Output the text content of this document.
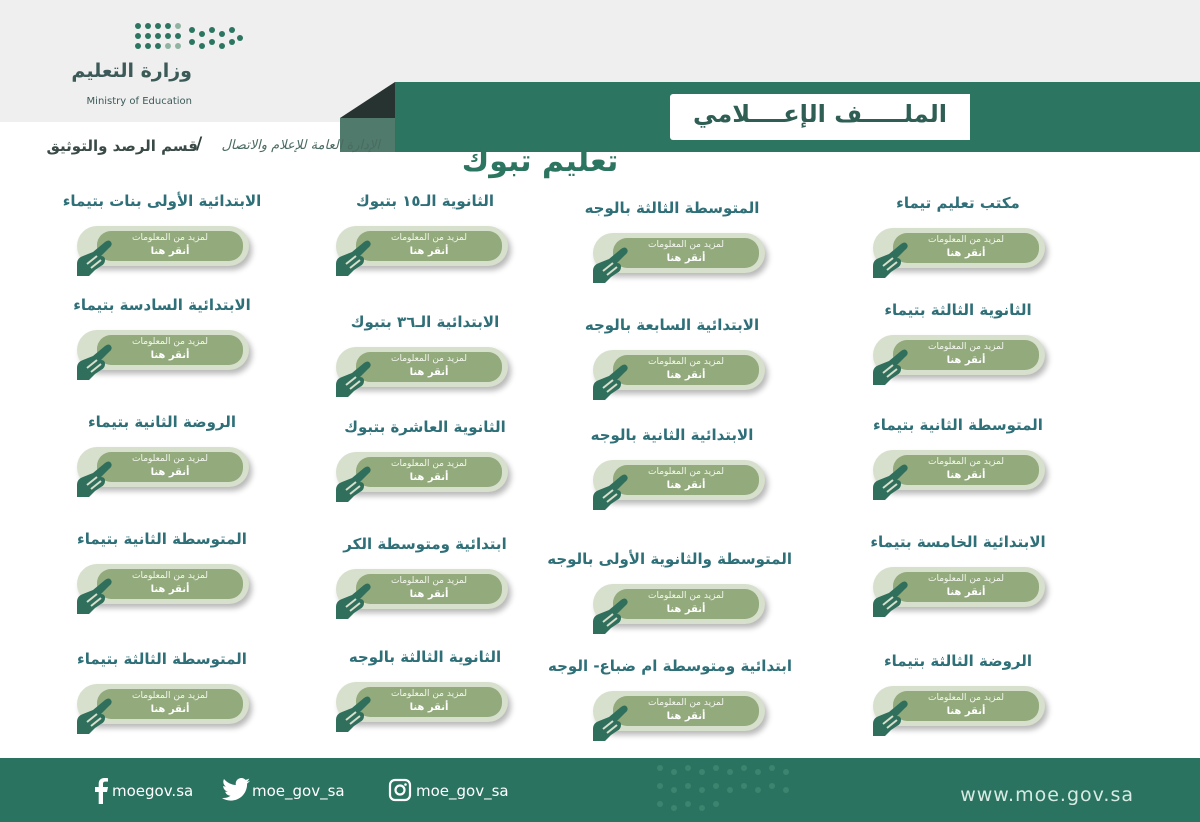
وزارة التعليم
Ministry of Education	الملـــــف الإعــــلامي
الإدارة العامة للإعلام والاتصال
/
قسم الرصد والتوثيق	تعليم تبوك
مكتب تعليم تيماء
لمزيد من المعلومات
أنقر هنا
الثانوية الثالثة بتيماء
لمزيد من المعلومات
أنقر هنا
المتوسطة الثانية بتيماء
لمزيد من المعلومات
أنقر هنا
الابتدائية الخامسة بتيماء
لمزيد من المعلومات
أنقر هنا
الروضة الثالثة بتيماء
لمزيد من المعلومات
أنقر هنا
المتوسطة الثالثة بالوجه
لمزيد من المعلومات
أنقر هنا
الابتدائية السابعة بالوجه
لمزيد من المعلومات
أنقر هنا
الابتدائية الثانية بالوجه
لمزيد من المعلومات
أنقر هنا
المتوسطة والثانوية الأولى بالوجه
لمزيد من المعلومات
أنقر هنا
ابتدائية ومتوسطة ام ضباع- الوجه
لمزيد من المعلومات
أنقر هنا
الثانوية الـ١٥ بتبوك
لمزيد من المعلومات
أنقر هنا
الابتدائية الـ٣٦ بتبوك
لمزيد من المعلومات
أنقر هنا
الثانوية العاشرة بتبوك
لمزيد من المعلومات
أنقر هنا
ابتدائية ومتوسطة الكر
لمزيد من المعلومات
أنقر هنا
الثانوية الثالثة بالوجه
لمزيد من المعلومات
أنقر هنا
الابتدائية الأولى بنات بتيماء
لمزيد من المعلومات
أنقر هنا
الابتدائية السادسة بتيماء
لمزيد من المعلومات
أنقر هنا
الروضة الثانية بتيماء
لمزيد من المعلومات
أنقر هنا
المتوسطة الثانية بتيماء
لمزيد من المعلومات
أنقر هنا
المتوسطة الثالثة بتيماء
لمزيد من المعلومات
أنقر هنا
moegov.sa	moe_gov_sa	moe_gov_sa	www.moe.gov.sa
